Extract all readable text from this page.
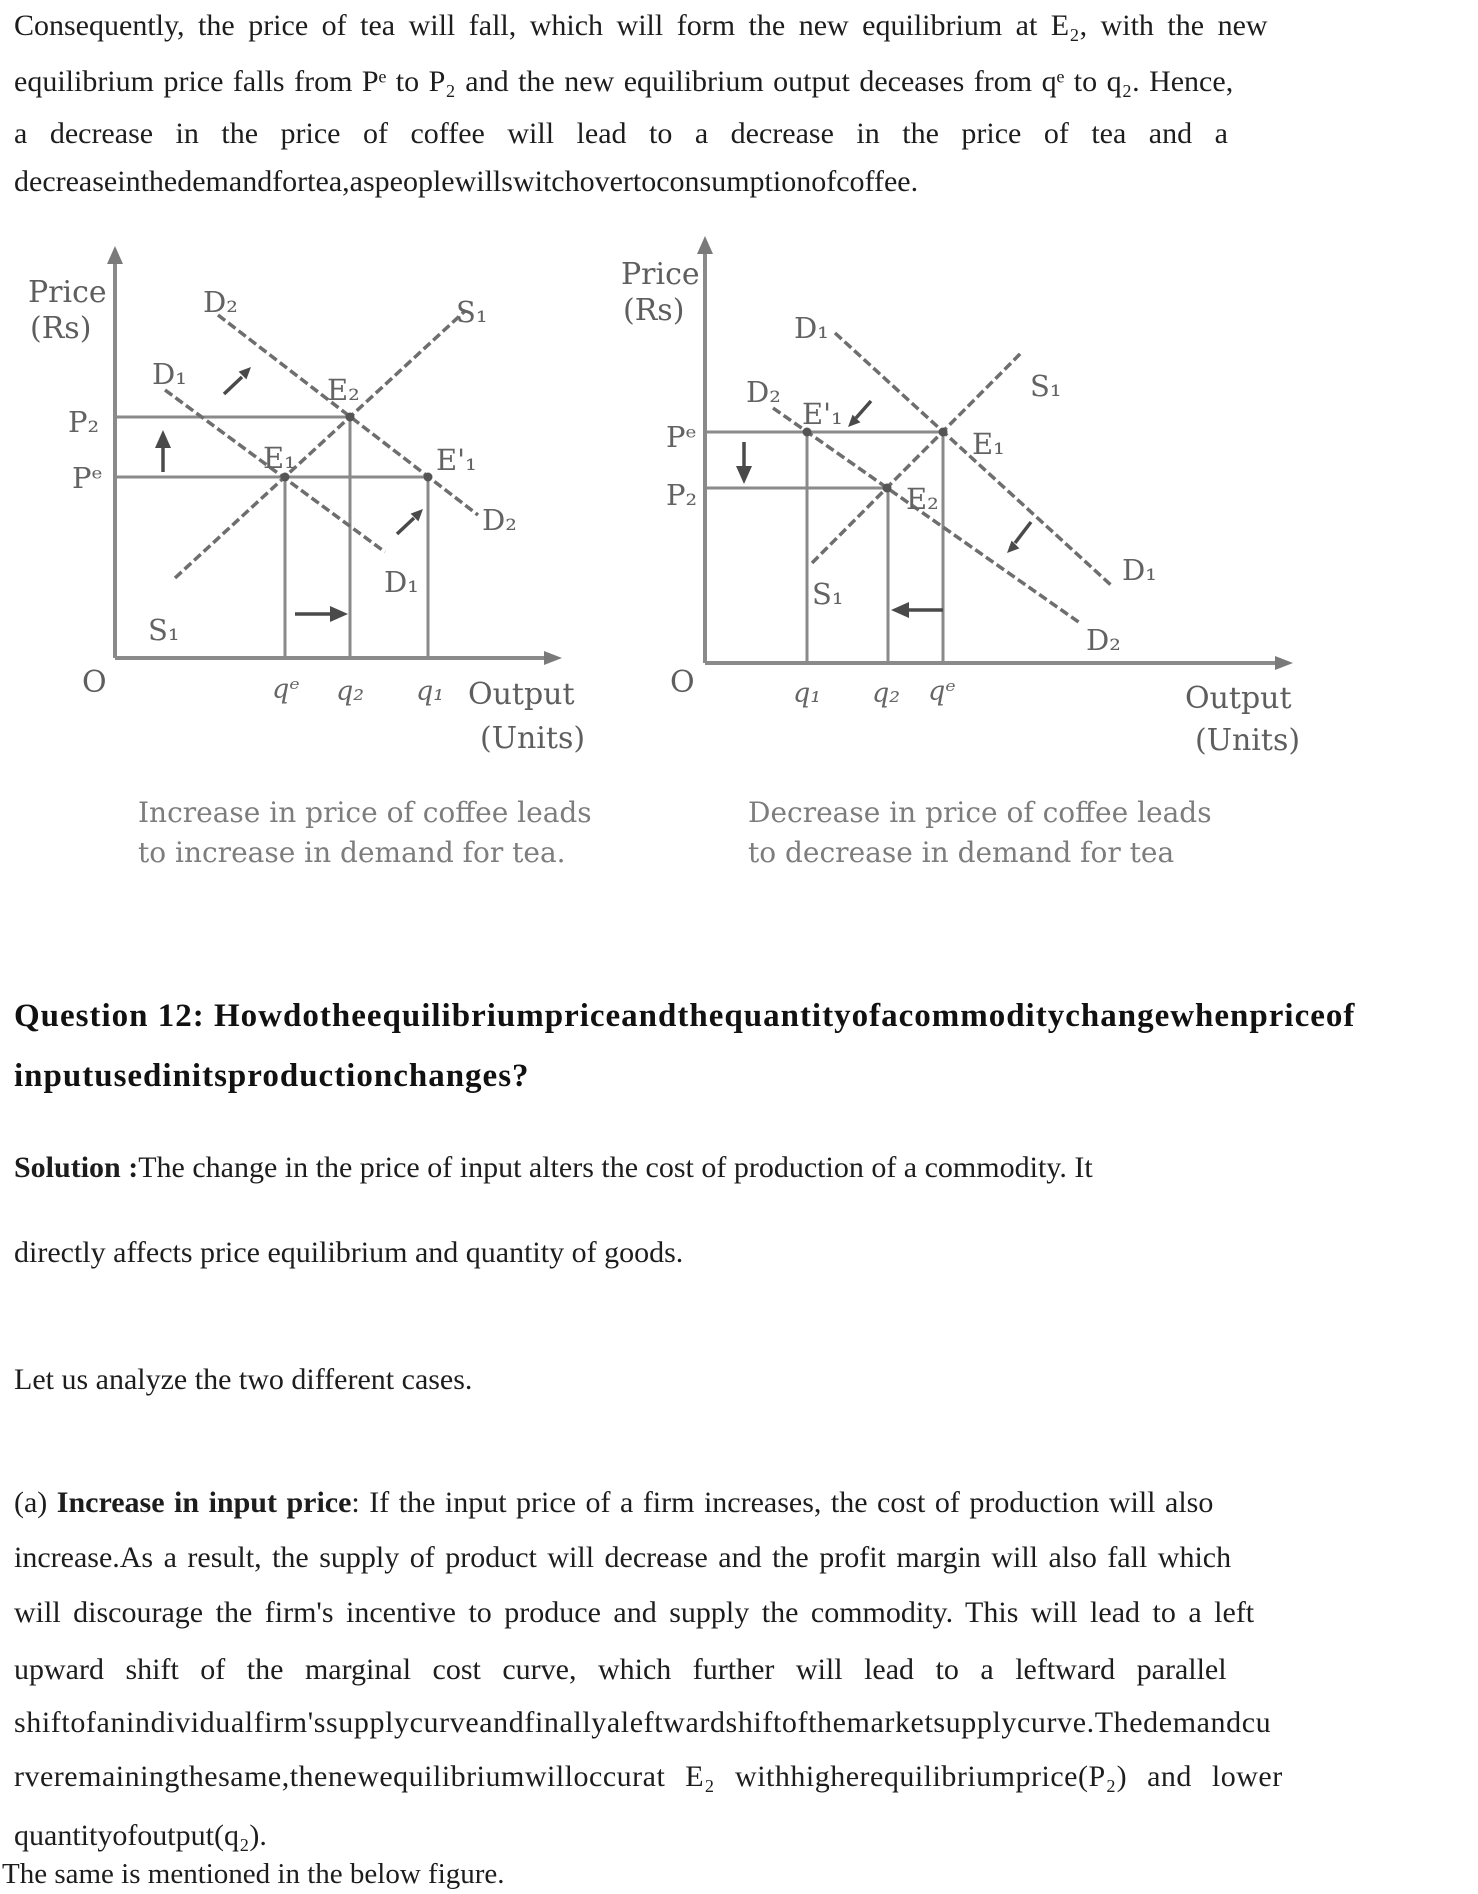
Consequently, the price of tea will fall, which will form the new equilibrium at E₂, with the new
equilibrium price falls from Pᵉ to P₂ and the new equilibrium output deceases from qᵉ to q₂. Hence,
a decrease in the price of coffee will lead to a decrease in the price of tea and a
decreaseinthedemandfortea,aspeoplewillswitchovertoconsumptionofcoffee.
Price
(Rs)
D₂	S₁
D₁	E₂
E₁	E'₁
P₂
Pᵉ
D₂
D₁
S₁
O	qᵉ q₂ q₁ Output
(Units)
Increase in price of coffee leads
to increase in demand for tea.
Price
(Rs)	D₁
D₂	S₁
E'₁
E₁
Pᵉ
P₂	E₂
S₁
D₁
D₂
O	q₁ q₂ qᵉ	Output
(Units)
Decrease in price of coffee leads
to decrease in demand for tea
Question 12: Howdotheequilibriumpriceandthequantityofacommoditychangewhenpriceof
inputusedinitsproductionchanges?
Solution :The change in the price of input alters the cost of production of a commodity. It
directly affects price equilibrium and quantity of goods.
Let us analyze the two different cases.
(a) Increase in input price: If the input price of a firm increases, the cost of production will also
increase.As a result, the supply of product will decrease and the profit margin will also fall which
will discourage the firm's incentive to produce and supply the commodity. This will lead to a left
upward shift of the marginal cost curve, which further will lead to a leftward parallel
shiftofanindividualfirm'ssupplycurveandfinallyaleftwardshiftofthemarketsupplycurve.Thedemandcu
rveremainingthesame,thenewequilibriumwilloccurat E₂ withhigherequilibriumprice(P₂) and lower
quantityofoutput(q₂).
The same is mentioned in the below figure.
